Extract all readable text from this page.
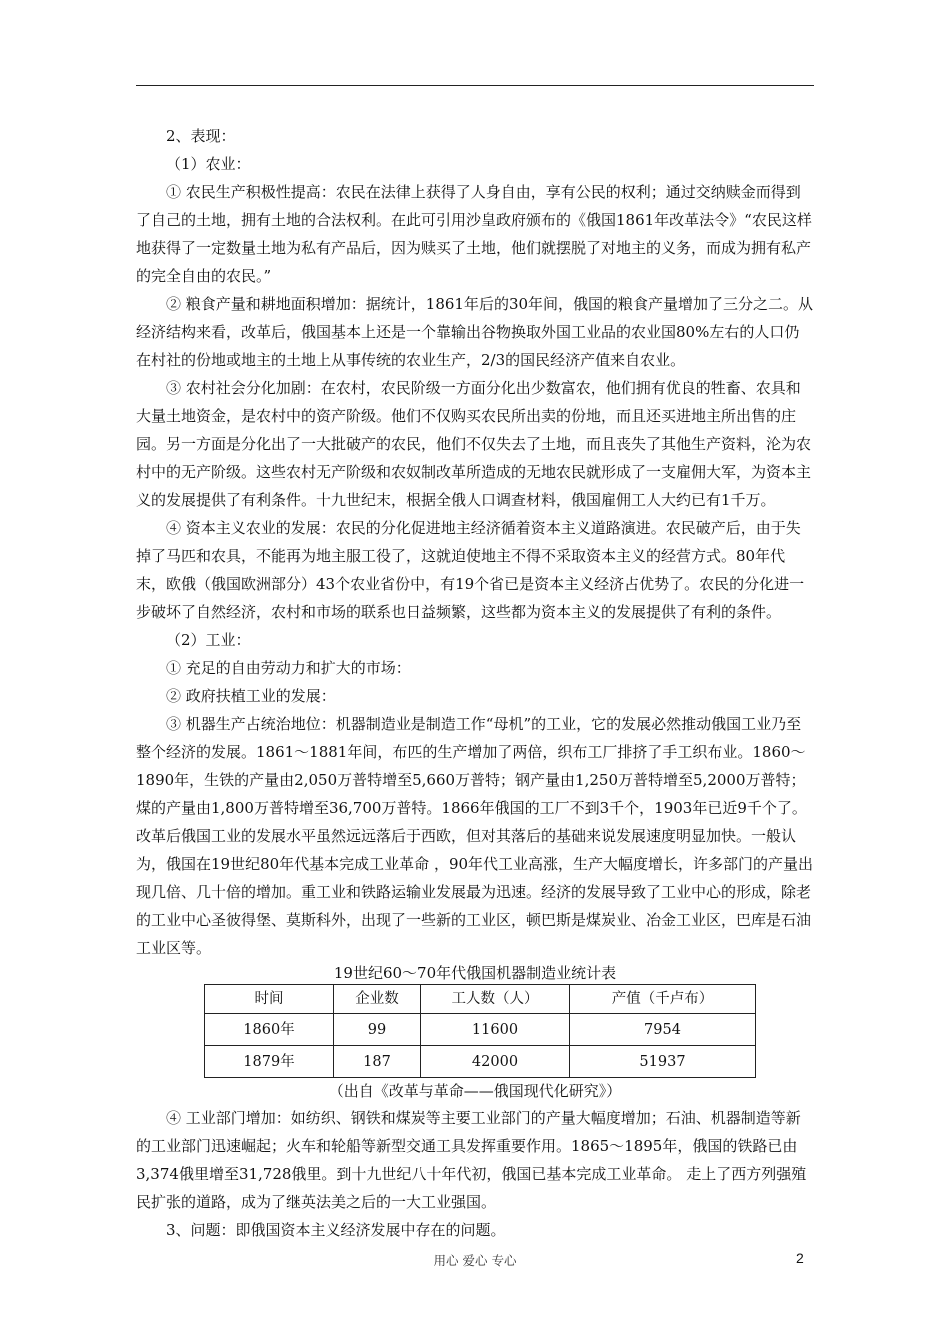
2、表现：

（1）农业：

① 农民生产积极性提高：农民在法律上获得了人身自由，享有公民的权利；通过交纳赎金而得到了自己的土地，拥有土地的合法权利。在此可引用沙皇政府颁布的《俄国1861年改革法令》“农民这样地获得了一定数量土地为私有产品后，因为赎买了土地，他们就摆脱了对地主的义务，而成为拥有私产的完全自由的农民。”

② 粮食产量和耕地面积增加：据统计，1861年后的30年间，俄国的粮食产量增加了三分之二。从经济结构来看，改革后，俄国基本上还是一个靠输出谷物换取外国工业品的农业国80%左右的人口仍在村社的份地或地主的土地上从事传统的农业生产，2/3的国民经济产值来自农业。

③ 农村社会分化加剧：在农村，农民阶级一方面分化出少数富农，他们拥有优良的牲畜、农具和大量土地资金，是农村中的资产阶级。他们不仅购买农民所出卖的份地，而且还买进地主所出售的庄园。另一方面是分化出了一大批破产的农民，他们不仅失去了土地，而且丧失了其他生产资料，沦为农村中的无产阶级。这些农村无产阶级和农奴制改革所造成的无地农民就形成了一支雇佣大军，为资本主义的发展提供了有利条件。十九世纪末，根据全俄人口调查材料，俄国雇佣工人大约已有1千万。

④ 资本主义农业的发展：农民的分化促进地主经济循着资本主义道路演进。农民破产后，由于失掉了马匹和农具，不能再为地主服工役了，这就迫使地主不得不采取资本主义的经营方式。80年代末，欧俄（俄国欧洲部分）43个农业省份中，有19个省已是资本主义经济占优势了。农民的分化进一步破坏了自然经济，农村和市场的联系也日益频繁，这些都为资本主义的发展提供了有利的条件。

（2）工业：

① 充足的自由劳动力和扩大的市场：

② 政府扶植工业的发展：

③ 机器生产占统治地位：机器制造业是制造工作“母机”的工业，它的发展必然推动俄国工业乃至整个经济的发展。1861～1881年间，布匹的生产增加了两倍，织布工厂排挤了手工织布业。1860～1890年，生铁的产量由2,050万普特增至5,660万普特；钢产量由1,250万普特增至5,2000万普特；煤的产量由1,800万普特增至36,700万普特。1866年俄国的工厂不到3千个，1903年已近9千个了。改革后俄国工业的发展水平虽然远远落后于西欧，但对其落后的基础来说发展速度明显加快。一般认为，俄国在19世纪80年代基本完成工业革命 ，90年代工业高涨，生产大幅度增长，许多部门的产量出现几倍、几十倍的增加。重工业和铁路运输业发展最为迅速。经济的发展导致了工业中心的形成，除老的工业中心圣彼得堡、莫斯科外，出现了一些新的工业区，顿巴斯是煤炭业、冶金工业区，巴库是石油工业区等。

19世纪60～70年代俄国机器制造业统计表

时间	企业数	工人数（人）	产值（千卢布）
1860年	99	11600	7954
1879年	187	42000	51937

（出自《改革与革命——俄国现代化研究》）

④ 工业部门增加：如纺织、钢铁和煤炭等主要工业部门的产量大幅度增加；石油、机器制造等新的工业部门迅速崛起；火车和轮船等新型交通工具发挥重要作用。1865～1895年，俄国的铁路已由3,374俄里增至31,728俄里。到十九世纪八十年代初，俄国已基本完成工业革命。 走上了西方列强殖民扩张的道路，成为了继英法美之后的一大工业强国。

3、问题：即俄国资本主义经济发展中存在的问题。

用心 爱心 专心	2
